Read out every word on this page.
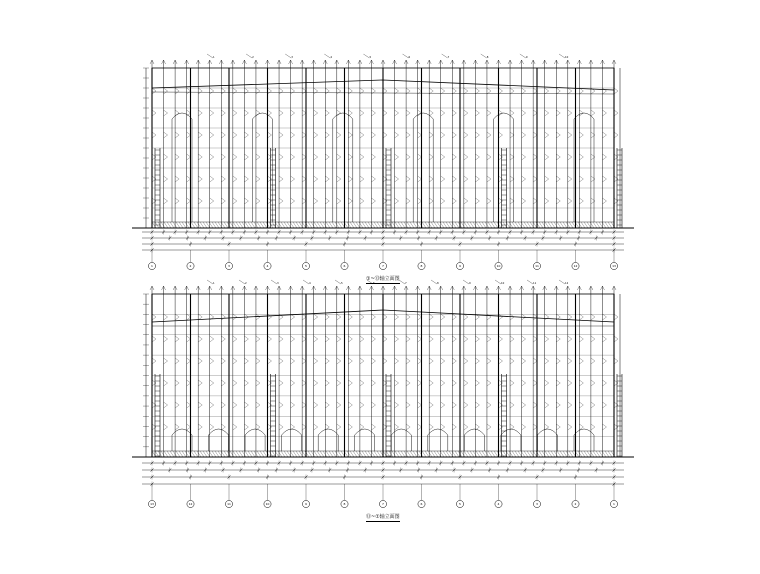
1	2	3	4	5	6	7	8	9	10
1	2	3	4	5	6	7	8	9	10	11	12	13
1	2	3	4	5	6	7	8	9	10	11	12
13	12	11	10	9	8	7	6	5	4	3	2	1
①~⑬轴立面图
⑬~①轴立面图
